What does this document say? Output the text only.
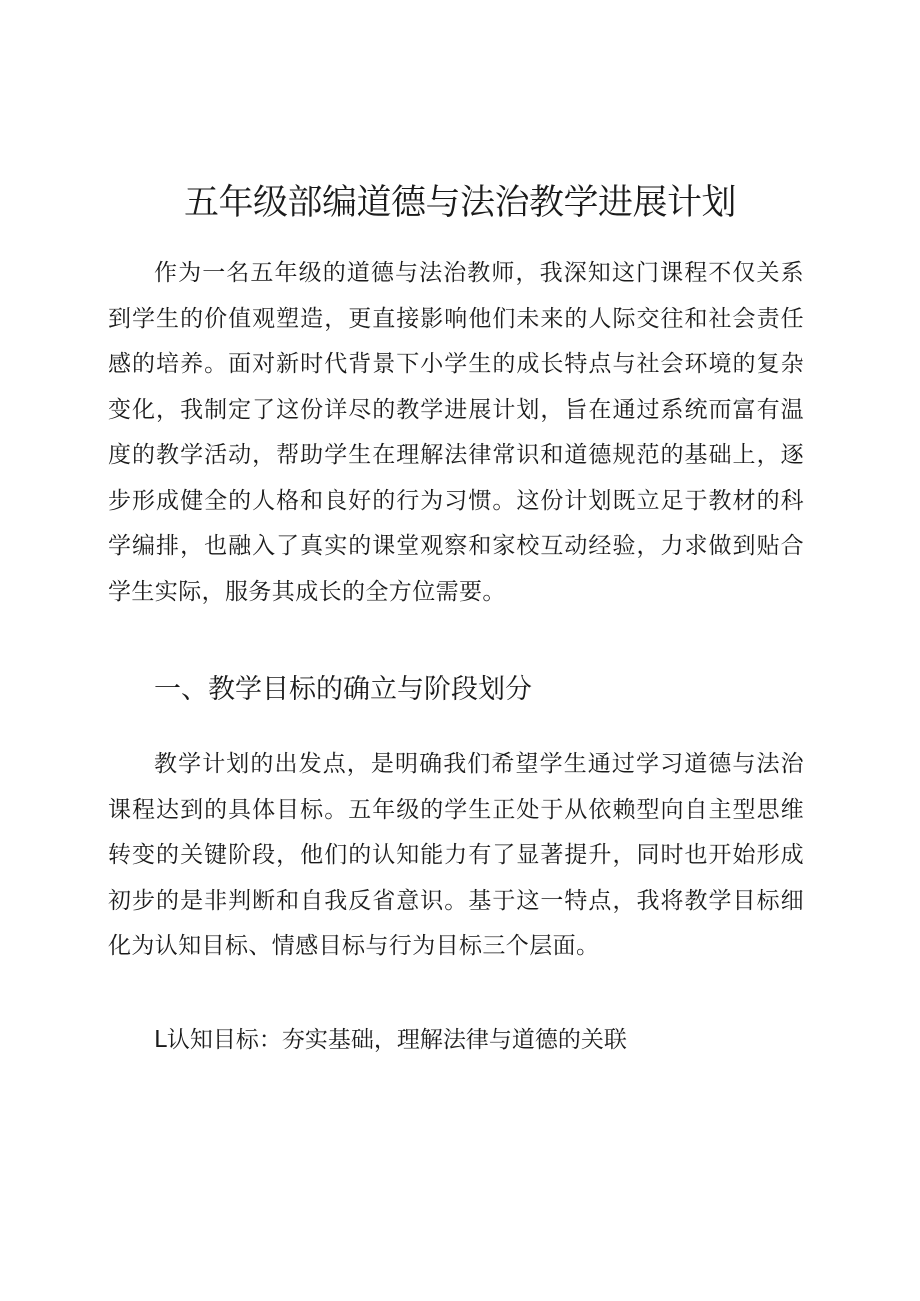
五年级部编道德与法治教学进展计划

作为一名五年级的道德与法治教师，我深知这门课程不仅关系到学生的价值观塑造，更直接影响他们未来的人际交往和社会责任感的培养。面对新时代背景下小学生的成长特点与社会环境的复杂变化，我制定了这份详尽的教学进展计划，旨在通过系统而富有温度的教学活动，帮助学生在理解法律常识和道德规范的基础上，逐步形成健全的人格和良好的行为习惯。这份计划既立足于教材的科学编排，也融入了真实的课堂观察和家校互动经验，力求做到贴合学生实际，服务其成长的全方位需要。

一、教学目标的确立与阶段划分

教学计划的出发点，是明确我们希望学生通过学习道德与法治课程达到的具体目标。五年级的学生正处于从依赖型向自主型思维转变的关键阶段，他们的认知能力有了显著提升，同时也开始形成初步的是非判断和自我反省意识。基于这一特点，我将教学目标细化为认知目标、情感目标与行为目标三个层面。

L认知目标：夯实基础，理解法律与道德的关联
